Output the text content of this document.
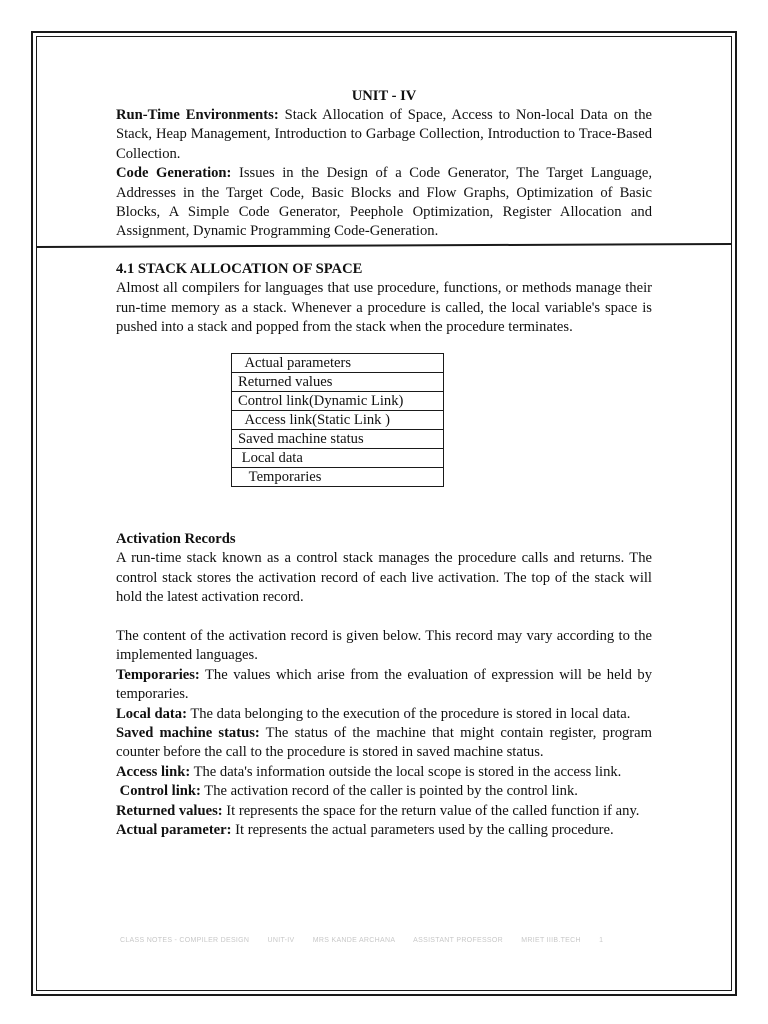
UNIT - IV

Run-Time Environments: Stack Allocation of Space, Access to Non-local Data on the Stack, Heap Management, Introduction to Garbage Collection, Introduction to Trace-Based Collection.

Code Generation: Issues in the Design of a Code Generator, The Target Language, Addresses in the Target Code, Basic Blocks and Flow Graphs, Optimization of Basic Blocks, A Simple Code Generator, Peephole Optimization, Register Allocation and Assignment, Dynamic Programming Code-Generation.

4.1 STACK ALLOCATION OF SPACE

Almost all compilers for languages that use procedure, functions, or methods manage their run-time memory as a stack. Whenever a procedure is called, the local variable's space is pushed into a stack and popped from the stack when the procedure terminates.

Actual parameters
Returned values
Control link(Dynamic Link)
Access link(Static Link )
Saved machine status
Local data
Temporaries

Activation Records

A run-time stack known as a control stack manages the procedure calls and returns. The control stack stores the activation record of each live activation. The top of the stack will hold the latest activation record.

The content of the activation record is given below. This record may vary according to the implemented languages.

Temporaries: The values which arise from the evaluation of expression will be held by temporaries.

Local data: The data belonging to the execution of the procedure is stored in local data.

Saved machine status: The status of the machine that might contain register, program counter before the call to the procedure is stored in saved machine status.

Access link: The data's information outside the local scope is stored in the access link.

Control link: The activation record of the caller is pointed by the control link.

Returned values: It represents the space for the return value of the called function if any.

Actual parameter: It represents the actual parameters used by the calling procedure.

CLASS NOTES - COMPILER DESIGN	UNIT-IV	MRS KANDE ARCHANA	ASSISTANT PROFESSOR	MRIET IIIB.TECH	1
